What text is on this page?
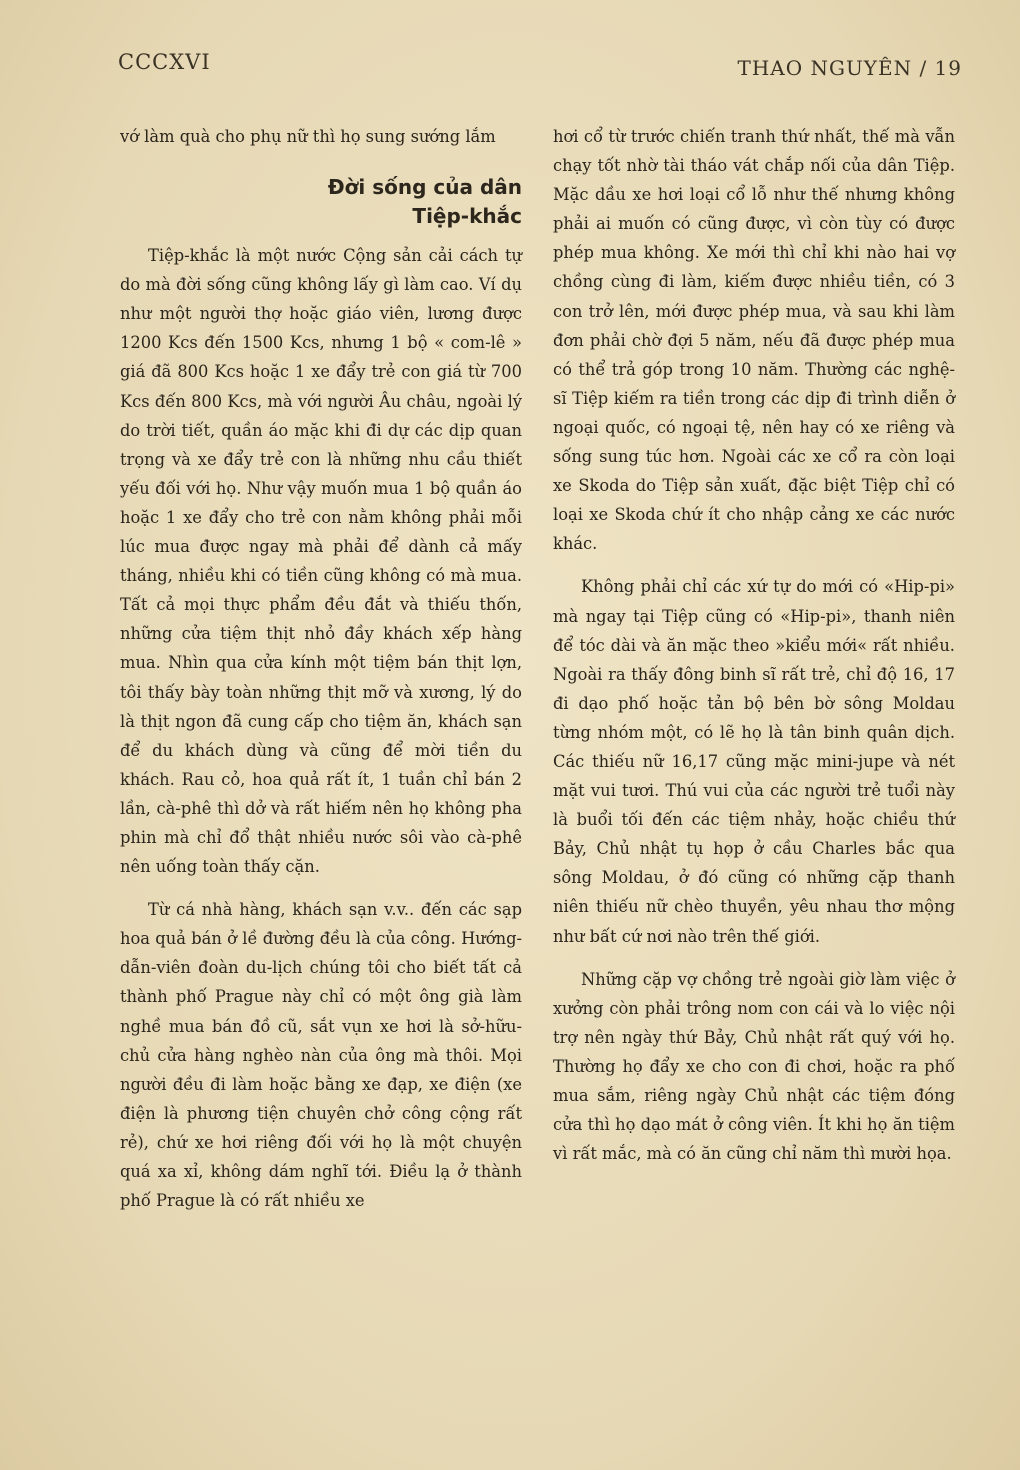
CCCXVI	THAO NGUYÊN / 19

vớ làm quà cho phụ nữ thì họ sung sướng lắm

Đời sống của dân
Tiệp-khắc

Tiệp-khắc là một nước Cộng sản cải cách tự do mà đời sống cũng không lấy gì làm cao. Ví dụ như một người thợ hoặc giáo viên, lương được 1200 Kcs đến 1500 Kcs, nhưng 1 bộ « com-lê » giá đã 800 Kcs hoặc 1 xe đẩy trẻ con giá từ 700 Kcs đến 800 Kcs, mà với người Âu châu, ngoài lý do trời tiết, quần áo mặc khi đi dự các dịp quan trọng và xe đẩy trẻ con là những nhu cầu thiết yếu đối với họ. Như vậy muốn mua 1 bộ quần áo hoặc 1 xe đẩy cho trẻ con nằm không phải mỗi lúc mua được ngay mà phải để dành cả mấy tháng, nhiều khi có tiền cũng không có mà mua. Tất cả mọi thực phẩm đều đắt và thiếu thốn, những cửa tiệm thịt nhỏ đầy khách xếp hàng mua. Nhìn qua cửa kính một tiệm bán thịt lợn, tôi thấy bày toàn những thịt mỡ và xương, lý do là thịt ngon đã cung cấp cho tiệm ăn, khách sạn để du khách dùng và cũng để mời tiền du khách. Rau cỏ, hoa quả rất ít, 1 tuần chỉ bán 2 lần, cà-phê thì dở và rất hiếm nên họ không pha phin mà chỉ đổ thật nhiều nước sôi vào cà-phê nên uống toàn thấy cặn.

Từ cá nhà hàng, khách sạn v.v.. đến các sạp hoa quả bán ở lề đường đều là của công. Hướng-dẫn-viên đoàn du-lịch chúng tôi cho biết tất cả thành phố Prague này chỉ có một ông già làm nghề mua bán đồ cũ, sắt vụn xe hơi là sở-hữu-chủ cửa hàng nghèo nàn của ông mà thôi. Mọi người đều đi làm hoặc bằng xe đạp, xe điện (xe điện là phương tiện chuyên chở công cộng rất rẻ), chứ xe hơi riêng đối với họ là một chuyện quá xa xỉ, không dám nghĩ tới. Điều lạ ở thành phố Prague là có rất nhiều xe

hơi cổ từ trước chiến tranh thứ nhất, thế mà vẫn chạy tốt nhờ tài tháo vát chắp nối của dân Tiệp. Mặc dầu xe hơi loại cổ lỗ như thế nhưng không phải ai muốn có cũng được, vì còn tùy có được phép mua không. Xe mới thì chỉ khi nào hai vợ chồng cùng đi làm, kiếm được nhiều tiền, có 3 con trở lên, mới được phép mua, và sau khi làm đơn phải chờ đợi 5 năm, nếu đã được phép mua có thể trả góp trong 10 năm. Thường các nghệ-sĩ Tiệp kiếm ra tiền trong các dịp đi trình diễn ở ngoại quốc, có ngoại tệ, nên hay có xe riêng và sống sung túc hơn. Ngoài các xe cổ ra còn loại xe Skoda do Tiệp sản xuất, đặc biệt Tiệp chỉ có loại xe Skoda chứ ít cho nhập cảng xe các nước khác.

Không phải chỉ các xứ tự do mới có «Hip-pi» mà ngay tại Tiệp cũng có «Hip-pi», thanh niên để tóc dài và ăn mặc theo »kiểu mới« rất nhiều. Ngoài ra thấy đông binh sĩ rất trẻ, chỉ độ 16, 17 đi dạo phố hoặc tản bộ bên bờ sông Moldau từng nhóm một, có lẽ họ là tân binh quân dịch. Các thiếu nữ 16,17 cũng mặc mini-jupe và nét mặt vui tươi. Thú vui của các người trẻ tuổi này là buổi tối đến các tiệm nhảy, hoặc chiều thứ Bảy, Chủ nhật tụ họp ở cầu Charles bắc qua sông Moldau, ở đó cũng có những cặp thanh niên thiếu nữ chèo thuyền, yêu nhau thơ mộng như bất cứ nơi nào trên thế giới.

Những cặp vợ chồng trẻ ngoài giờ làm việc ở xưởng còn phải trông nom con cái và lo việc nội trợ nên ngày thứ Bảy, Chủ nhật rất quý với họ. Thường họ đẩy xe cho con đi chơi, hoặc ra phố mua sắm, riêng ngày Chủ nhật các tiệm đóng cửa thì họ dạo mát ở công viên. Ít khi họ ăn tiệm vì rất mắc, mà có ăn cũng chỉ năm thì mười họa.
